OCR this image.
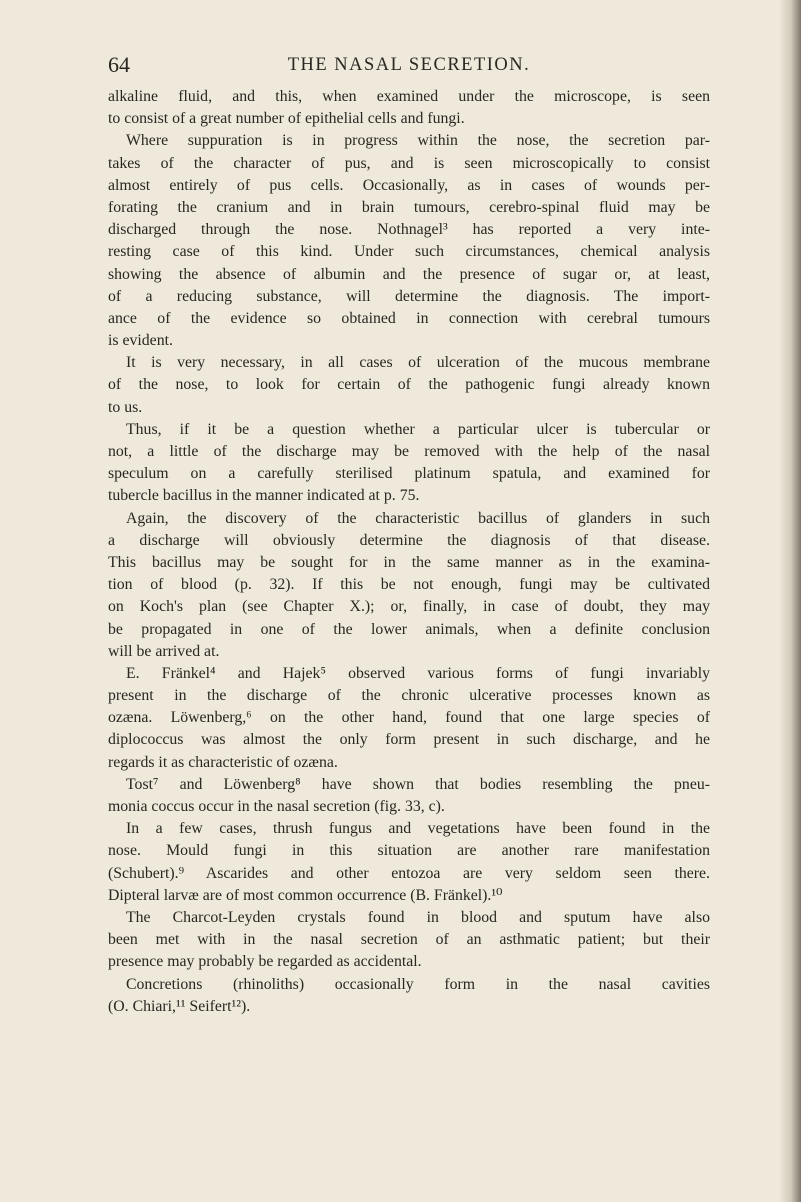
64	THE NASAL SECRETION.
alkaline fluid, and this, when examined under the microscope, is seen
to consist of a great number of epithelial cells and fungi.
Where suppuration is in progress within the nose, the secretion par-
takes of the character of pus, and is seen microscopically to consist
almost entirely of pus cells. Occasionally, as in cases of wounds per-
forating the cranium and in brain tumours, cerebro-spinal fluid may be
discharged through the nose. Nothnagel³ has reported a very inte-
resting case of this kind. Under such circumstances, chemical analysis
showing the absence of albumin and the presence of sugar or, at least,
of a reducing substance, will determine the diagnosis. The import-
ance of the evidence so obtained in connection with cerebral tumours
is evident.
It is very necessary, in all cases of ulceration of the mucous membrane
of the nose, to look for certain of the pathogenic fungi already known
to us.
Thus, if it be a question whether a particular ulcer is tubercular or
not, a little of the discharge may be removed with the help of the nasal
speculum on a carefully sterilised platinum spatula, and examined for
tubercle bacillus in the manner indicated at p. 75.
Again, the discovery of the characteristic bacillus of glanders in such
a discharge will obviously determine the diagnosis of that disease.
This bacillus may be sought for in the same manner as in the examina-
tion of blood (p. 32). If this be not enough, fungi may be cultivated
on Koch's plan (see Chapter X.); or, finally, in case of doubt, they may
be propagated in one of the lower animals, when a definite conclusion
will be arrived at.
E. Fränkel⁴ and Hajek⁵ observed various forms of fungi invariably
present in the discharge of the chronic ulcerative processes known as
ozæna. Löwenberg,⁶ on the other hand, found that one large species of
diplococcus was almost the only form present in such discharge, and he
regards it as characteristic of ozæna.
Tost⁷ and Löwenberg⁸ have shown that bodies resembling the pneu-
monia coccus occur in the nasal secretion (fig. 33, c).
In a few cases, thrush fungus and vegetations have been found in the
nose. Mould fungi in this situation are another rare manifestation
(Schubert).⁹ Ascarides and other entozoa are very seldom seen there.
Dipteral larvæ are of most common occurrence (B. Fränkel).¹⁰
The Charcot-Leyden crystals found in blood and sputum have also
been met with in the nasal secretion of an asthmatic patient; but their
presence may probably be regarded as accidental.
Concretions (rhinoliths) occasionally form in the nasal cavities
(O. Chiari,¹¹ Seifert¹²).
